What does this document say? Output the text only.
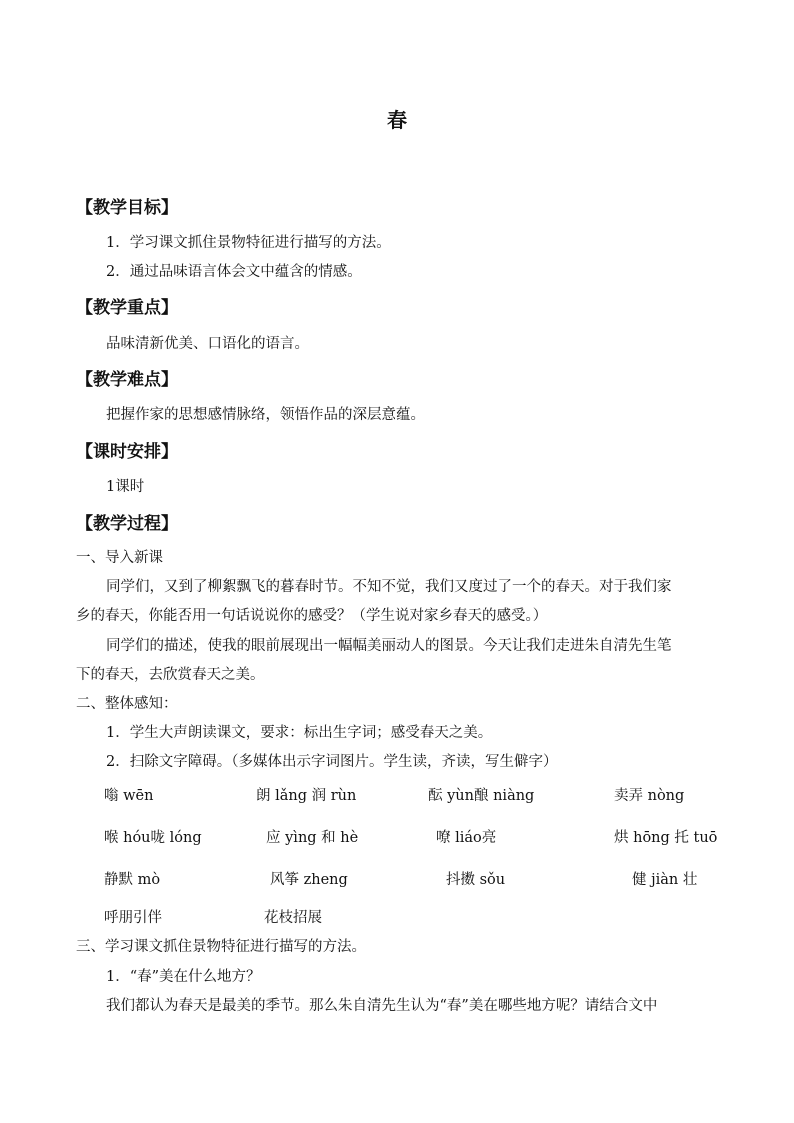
春
【教学目标】
1．学习课文抓住景物特征进行描写的方法。
2．通过品味语言体会文中蕴含的情感。
【教学重点】
品味清新优美、口语化的语言。
【教学难点】
把握作家的思想感情脉络，领悟作品的深层意蕴。
【课时安排】
1课时
【教学过程】
一、导入新课
同学们，又到了柳絮飘飞的暮春时节。不知不觉，我们又度过了一个的春天。对于我们家
乡的春天，你能否用一句话说说你的感受？（学生说对家乡春天的感受。）
同学们的描述，使我的眼前展现出一幅幅美丽动人的图景。今天让我们走进朱自清先生笔
下的春天，去欣赏春天之美。
二、整体感知：
1．学生大声朗读课文，要求：标出生字词；感受春天之美。
2．扫除文字障碍。（多媒体出示字词图片。学生读，齐读，写生僻字）
嗡 wēn	朗 lǎng 润 rùn	酝 yùn酿 niàng	卖弄 nòng
喉 hóu咙 lóng	应 yìng 和 hè	嘹 liáo亮	烘 hōng 托 tuō
静默 mò	风筝 zheng	抖擞 sǒu	健 jiàn 壮
呼朋引伴	花枝招展
三、学习课文抓住景物特征进行描写的方法。
1．“春”美在什么地方？
我们都认为春天是最美的季节。那么朱自清先生认为“春”美在哪些地方呢？请结合文中
